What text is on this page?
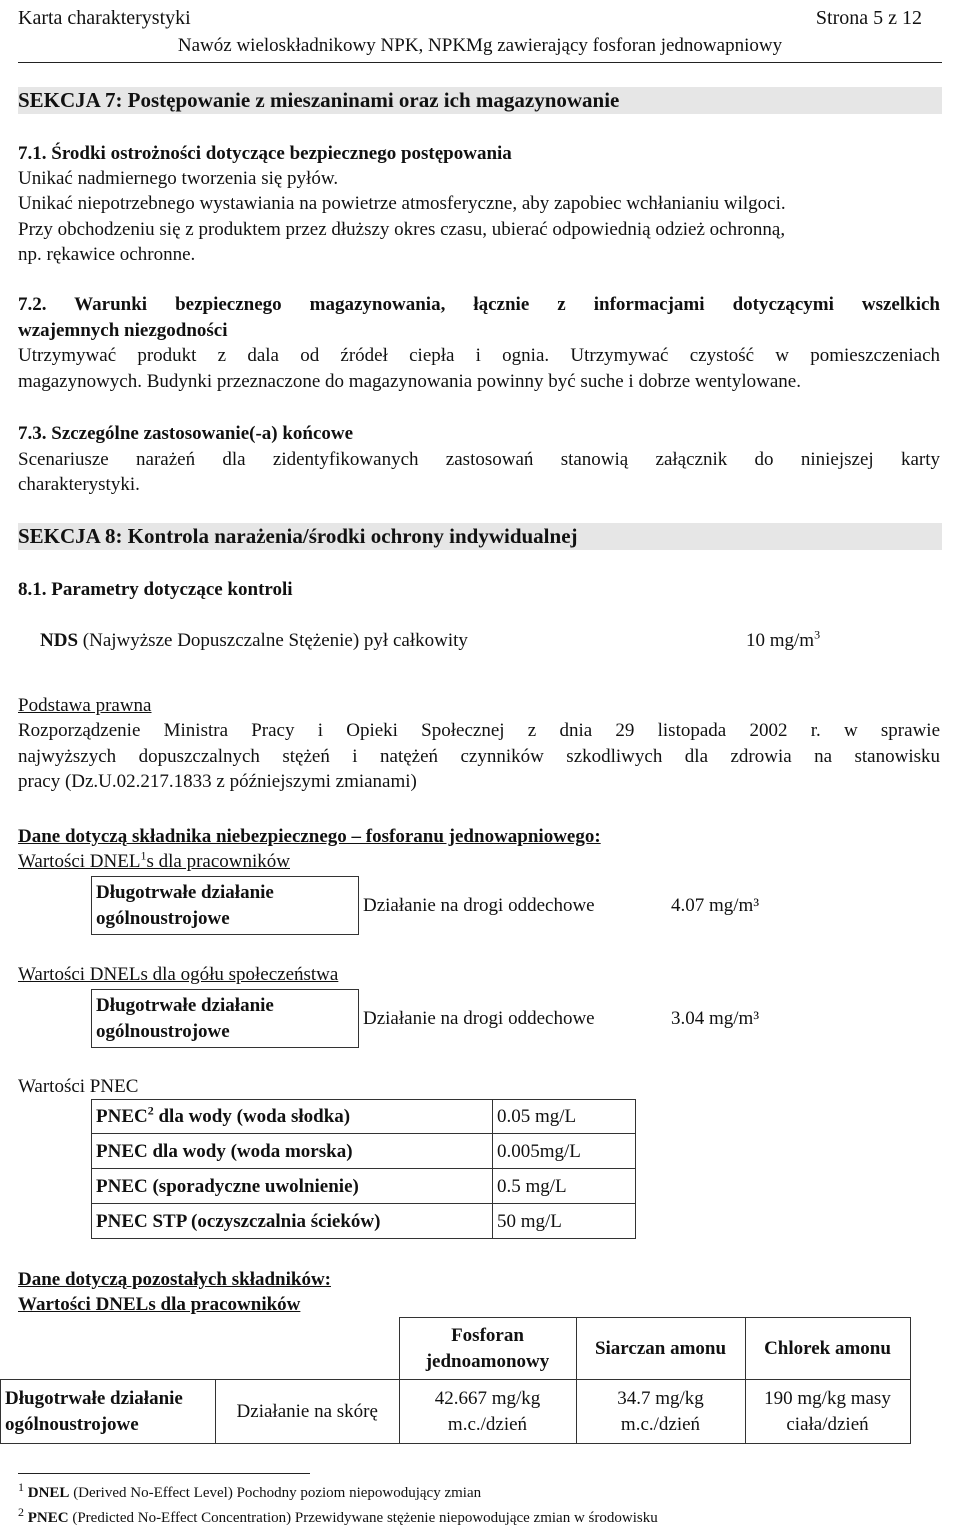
Karta charakterystyki	Strona 5 z 12
Nawóz wieloskładnikowy NPK, NPKMg zawierający fosforan jednowapniowy
SEKCJA 7: Postępowanie z mieszaninami oraz ich magazynowanie
7.1. Środki ostrożności dotyczące bezpiecznego postępowania
Unikać nadmiernego tworzenia się pyłów.
Unikać niepotrzebnego wystawiania na powietrze atmosferyczne, aby zapobiec wchłanianiu wilgoci.
Przy obchodzeniu się z produktem przez dłuższy okres czasu, ubierać odpowiednią odzież ochronną,
np. rękawice ochronne.
7.2. Warunki bezpiecznego magazynowania, łącznie z informacjami dotyczącymi wszelkich
wzajemnych niezgodności
Utrzymywać produkt z dala od źródeł ciepła i ognia. Utrzymywać czystość w pomieszczeniach
magazynowych. Budynki przeznaczone do magazynowania powinny być suche i dobrze wentylowane.
7.3. Szczególne zastosowanie(-a) końcowe
Scenariusze narażeń dla zidentyfikowanych zastosowań stanowią załącznik do niniejszej karty
charakterystyki.
SEKCJA 8: Kontrola narażenia/środki ochrony indywidualnej
8.1. Parametry dotyczące kontroli
NDS (Najwyższe Dopuszczalne Stężenie) pył całkowity	10 $mg/m^3$
Podstawa prawna
Rozporządzenie Ministra Pracy i Opieki Społecznej z dnia 29 listopada 2002 r. w sprawie
najwyższych dopuszczalnych stężeń i natężeń czynników szkodliwych dla zdrowia na stanowisku
pracy (Dz.U.02.217.1833 z późniejszymi zmianami)
Dane dotyczą składnika niebezpiecznego – fosforanu jednowapniowego:
Wartości DNEL$^1$s dla pracowników
Długotrwałe działanie ogólnoustrojowe	Działanie na drogi oddechowe	4.07 mg/m³
Wartości DNELs dla ogółu społeczeństwa
Długotrwałe działanie ogólnoustrojowe	Działanie na drogi oddechowe	3.04 mg/m³
Wartości PNEC
PNEC$^2$ dla wody (woda słodka)	0.05 mg/L
PNEC dla wody (woda morska)	0.005mg/L
PNEC (sporadyczne uwolnienie)	0.5 mg/L
PNEC STP (oczyszczalnia ścieków)	50 mg/L
Dane dotyczą pozostałych składników:
Wartości DNELs dla pracowników
		Fosforan jednoamonowy	Siarczan amonu	Chlorek amonu
Długotrwałe działanie ogólnoustrojowe	Działanie na skórę	42.667 mg/kg m.c./dzień	34.7 mg/kg m.c./dzień	190 mg/kg masy ciała/dzień
$^1$ DNEL (Derived No-Effect Level) Pochodny poziom niepowodujący zmian
$^2$ PNEC (Predicted No-Effect Concentration) Przewidywane stężenie niepowodujące zmian w środowisku
